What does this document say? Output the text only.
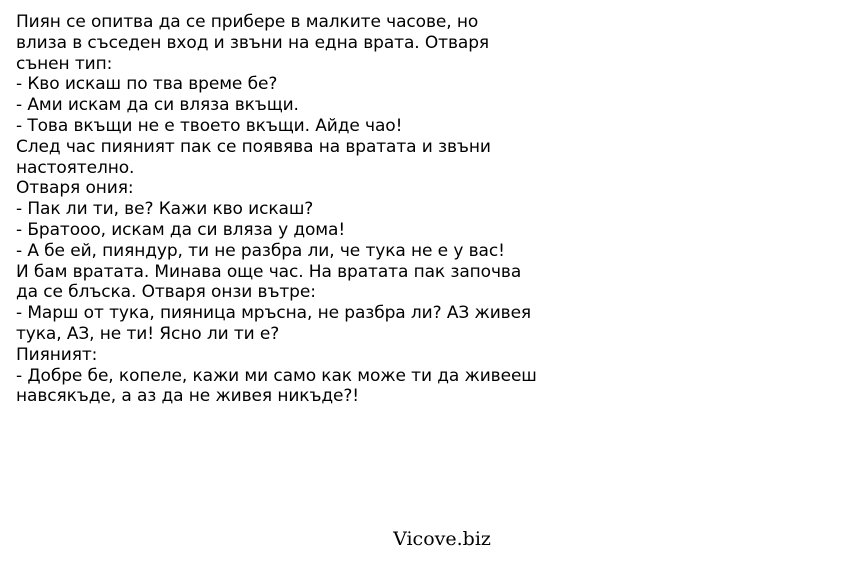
Пиян се опитва да се прибере в малките часове, но
влиза в съседен вход и звъни на една врата. Отваря
сънен тип:
- Кво искаш по тва време бе?
- Ами искам да си вляза вкъщи.
- Това вкъщи не е твоето вкъщи. Айде чао!
След час пияният пак се появява на вратата и звъни
настоятелно.
Отваря ония:
- Пак ли ти, ве? Кажи кво искаш?
- Братооо, искам да си вляза у дома!
- А бе ей, пияндур, ти не разбра ли, че тука не е у вас!
И бам вратата. Минава още час. На вратата пак започва
да се блъска. Отваря онзи вътре:
- Марш от тука, пияница мръсна, не разбра ли? АЗ живея
тука, АЗ, не ти! Ясно ли ти е?
Пияният:
- Добре бе, копеле, кажи ми само как може ти да живееш
навсякъде, а аз да не живея никъде?!
Vicove.biz
